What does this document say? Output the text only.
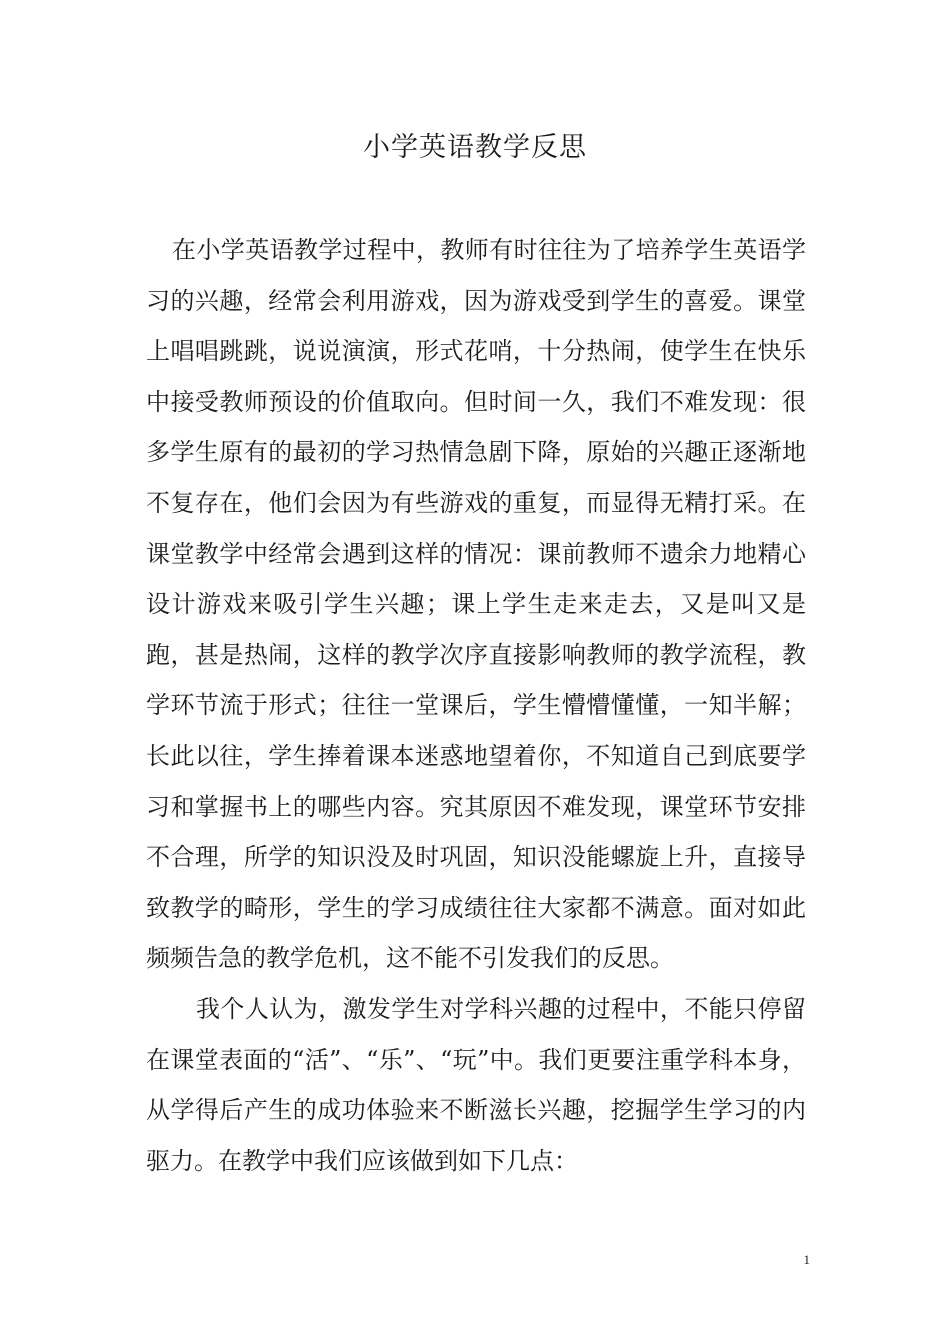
小学英语教学反思

在小学英语教学过程中，教师有时往往为了培养学生英语学习的兴趣，经常会利用游戏，因为游戏受到学生的喜爱。课堂上唱唱跳跳，说说演演，形式花哨，十分热闹，使学生在快乐中接受教师预设的价值取向。但时间一久，我们不难发现：很多学生原有的最初的学习热情急剧下降，原始的兴趣正逐渐地不复存在，他们会因为有些游戏的重复，而显得无精打采。在课堂教学中经常会遇到这样的情况：课前教师不遗余力地精心设计游戏来吸引学生兴趣；课上学生走来走去，又是叫又是跑，甚是热闹，这样的教学次序直接影响教师的教学流程，教学环节流于形式；往往一堂课后，学生懵懵懂懂，一知半解；长此以往，学生捧着课本迷惑地望着你，不知道自己到底要学习和掌握书上的哪些内容。究其原因不难发现，课堂环节安排不合理，所学的知识没及时巩固，知识没能螺旋上升，直接导致教学的畸形，学生的学习成绩往往大家都不满意。面对如此频频告急的教学危机，这不能不引发我们的反思。

我个人认为，激发学生对学科兴趣的过程中，不能只停留在课堂表面的“活”、“乐”、“玩”中。我们更要注重学科本身，从学得后产生的成功体验来不断滋长兴趣，挖掘学生学习的内驱力。在教学中我们应该做到如下几点：

1
